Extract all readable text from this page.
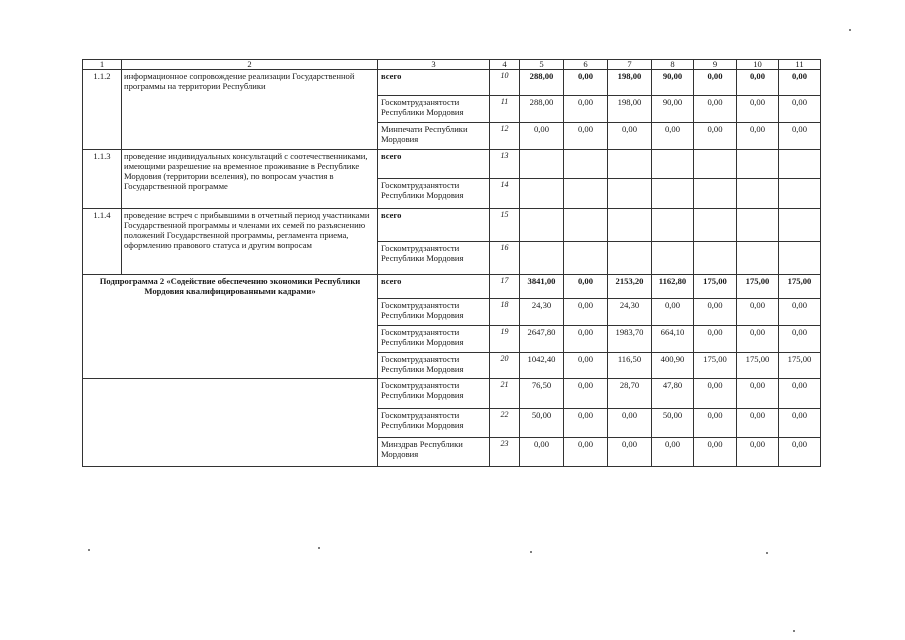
1	2	3	4	5	6	7	8	9	10	11
1.1.2	информационное сопровождение реализации Государственной программы на территории Республики	всего	10	288,00	0,00	198,00	90,00	0,00	0,00	0,00
		Госкомтрудзанятости Республики Мордовия	11	288,00	0,00	198,00	90,00	0,00	0,00	0,00
		Минпечати Республики Мордовия	12	0,00	0,00	0,00	0,00	0,00	0,00	0,00
1.1.3	проведение индивидуальных консультаций с соотечественниками, имеющими разрешение на временное проживание в Республике Мордовия (территории вселения), по вопросам участия в Государственной программе	всего	13							
		Госкомтрудзанятости Республики Мордовия	14							
1.1.4	проведение встреч с прибывшими в отчетный период участниками Государственной программы и членами их семей по разъяснению положений Государственной программы, регламента приема, оформлению правового статуса и другим вопросам	всего	15							
		Госкомтрудзанятости Республики Мордовия	16							
Подпрограмма 2 «Содействие обеспечению экономики Республики Мордовия квалифицированными кадрами»		всего	17	3841,00	0,00	2153,20	1162,80	175,00	175,00	175,00
		Госкомтрудзанятости Республики Мордовия	18	24,30	0,00	24,30	0,00	0,00	0,00	0,00
		Госкомтрудзанятости Республики Мордовия	19	2647,80	0,00	1983,70	664,10	0,00	0,00	0,00
		Госкомтрудзанятости Республики Мордовия	20	1042,40	0,00	116,50	400,90	175,00	175,00	175,00
		Госкомтрудзанятости Республики Мордовия	21	76,50	0,00	28,70	47,80	0,00	0,00	0,00
		Госкомтрудзанятости Республики Мордовия	22	50,00	0,00	0,00	50,00	0,00	0,00	0,00
		Минздрав Республики Мордовия	23	0,00	0,00	0,00	0,00	0,00	0,00	0,00
